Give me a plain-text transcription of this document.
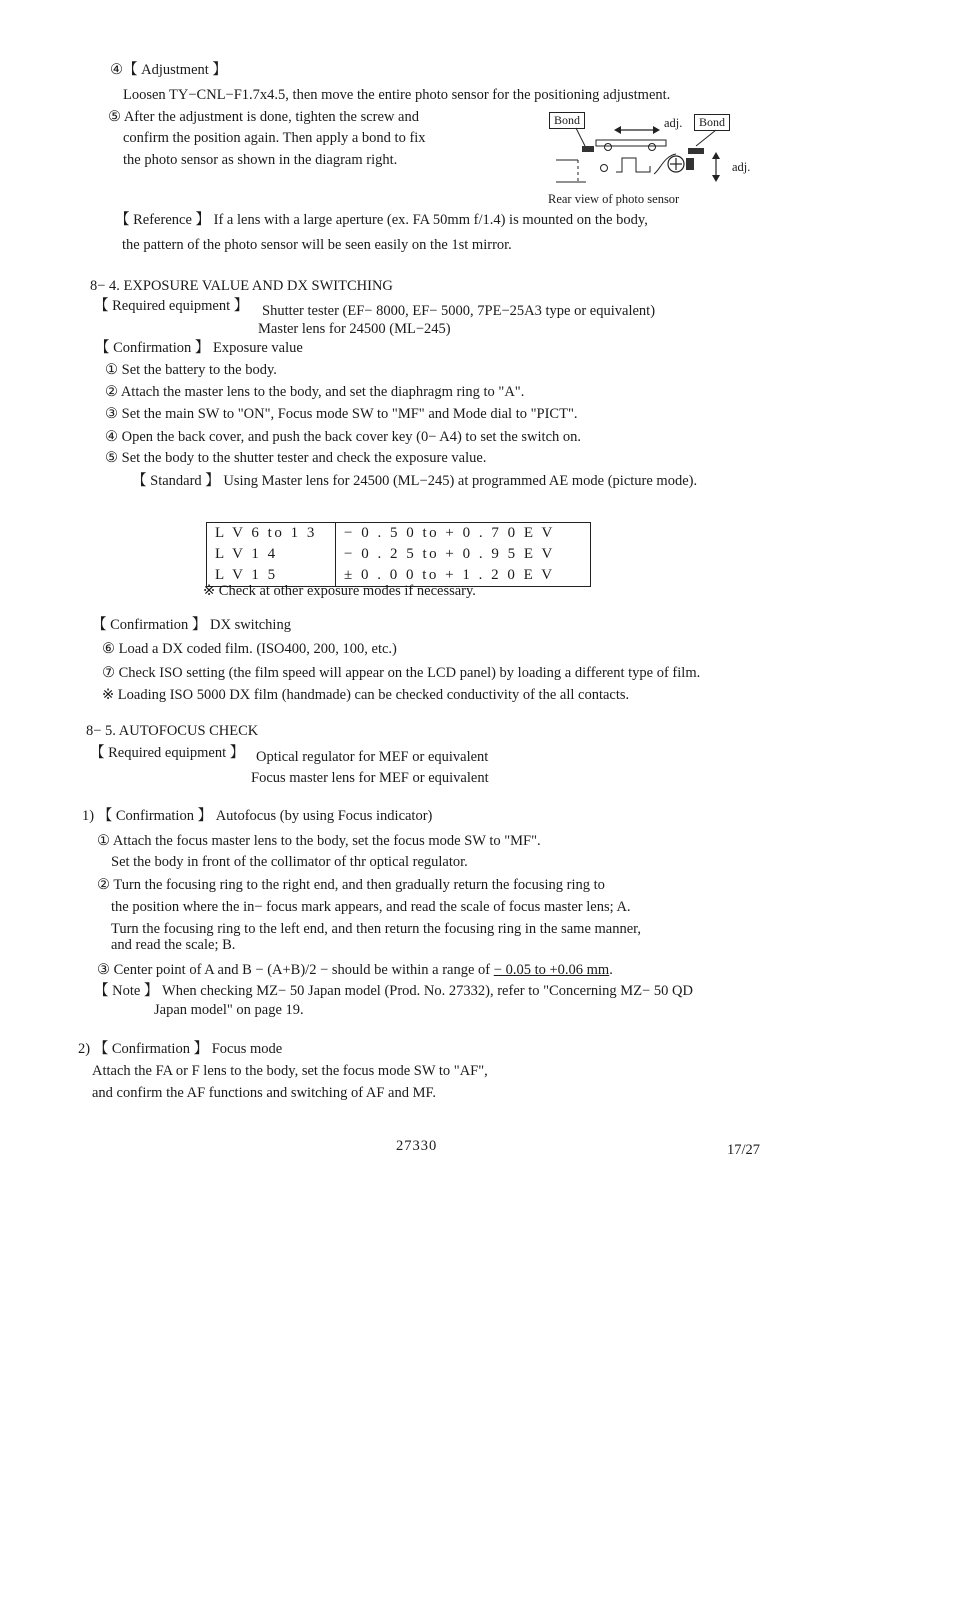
④【 Adjustment 】
Loosen TY−CNL−F1.7x4.5, then move the entire photo sensor for the positioning adjustment.
⑤ After the adjustment is done, tighten the screw and
confirm the position again. Then apply a bond to fix
the photo sensor as shown in the diagram right.
Bond	Bond
adj.
adj.
Rear view of photo sensor
【 Reference 】 If a lens with a large aperture (ex. FA 50mm f/1.4) is mounted on the body,
the pattern of the photo sensor will be seen easily on the 1st mirror.
8− 4. EXPOSURE VALUE AND DX SWITCHING
【 Required equipment 】 Shutter tester (EF− 8000, EF− 5000, 7PE−25A3 type or equivalent)
Master lens for 24500 (ML−245)
【 Confirmation 】 Exposure value
① Set the battery to the body.
② Attach the master lens to the body, and set the diaphragm ring to "A".
③ Set the main SW to "ON", Focus mode SW to "MF" and Mode dial to "PICT".
④ Open the back cover, and push the back cover key (0− A4) to set the switch on.
⑤ Set the body to the shutter tester and check the exposure value.
【 Standard 】 Using Master lens for 24500 (ML−245) at programmed AE mode (picture mode).
L V 6 to 1 3	− 0 . 5 0 to + 0 . 7 0 E V
L V 1 4	− 0 . 2 5 to + 0 . 9 5 E V
L V 1 5	± 0 . 0 0 to + 1 . 2 0 E V
※ Check at other exposure modes if necessary.
【 Confirmation 】 DX switching
⑥ Load a DX coded film. (ISO400, 200, 100, etc.)
⑦ Check ISO setting (the film speed will appear on the LCD panel) by loading a different type of film.
※ Loading ISO 5000 DX film (handmade) can be checked conductivity of the all contacts.
8− 5. AUTOFOCUS CHECK
【 Required equipment 】 Optical regulator for MEF or equivalent
Focus master lens for MEF or equivalent
1) 【 Confirmation 】 Autofocus (by using Focus indicator)
① Attach the focus master lens to the body, set the focus mode SW to "MF".
Set the body in front of the collimator of thr optical regulator.
② Turn the focusing ring to the right end, and then gradually return the focusing ring to
the position where the in− focus mark appears, and read the scale of focus master lens; A.
Turn the focusing ring to the left end, and then return the focusing ring in the same manner,
and read the scale; B.
③ Center point of A and B − (A+B)/2 − should be within a range of − 0.05 to +0.06 mm.
【 Note 】 When checking MZ− 50 Japan model (Prod. No. 27332), refer to "Concerning MZ− 50 QD
Japan model" on page 19.
2) 【 Confirmation 】 Focus mode
Attach the FA or F lens to the body, set the focus mode SW to "AF",
and confirm the AF functions and switching of AF and MF.
27330	17/27
